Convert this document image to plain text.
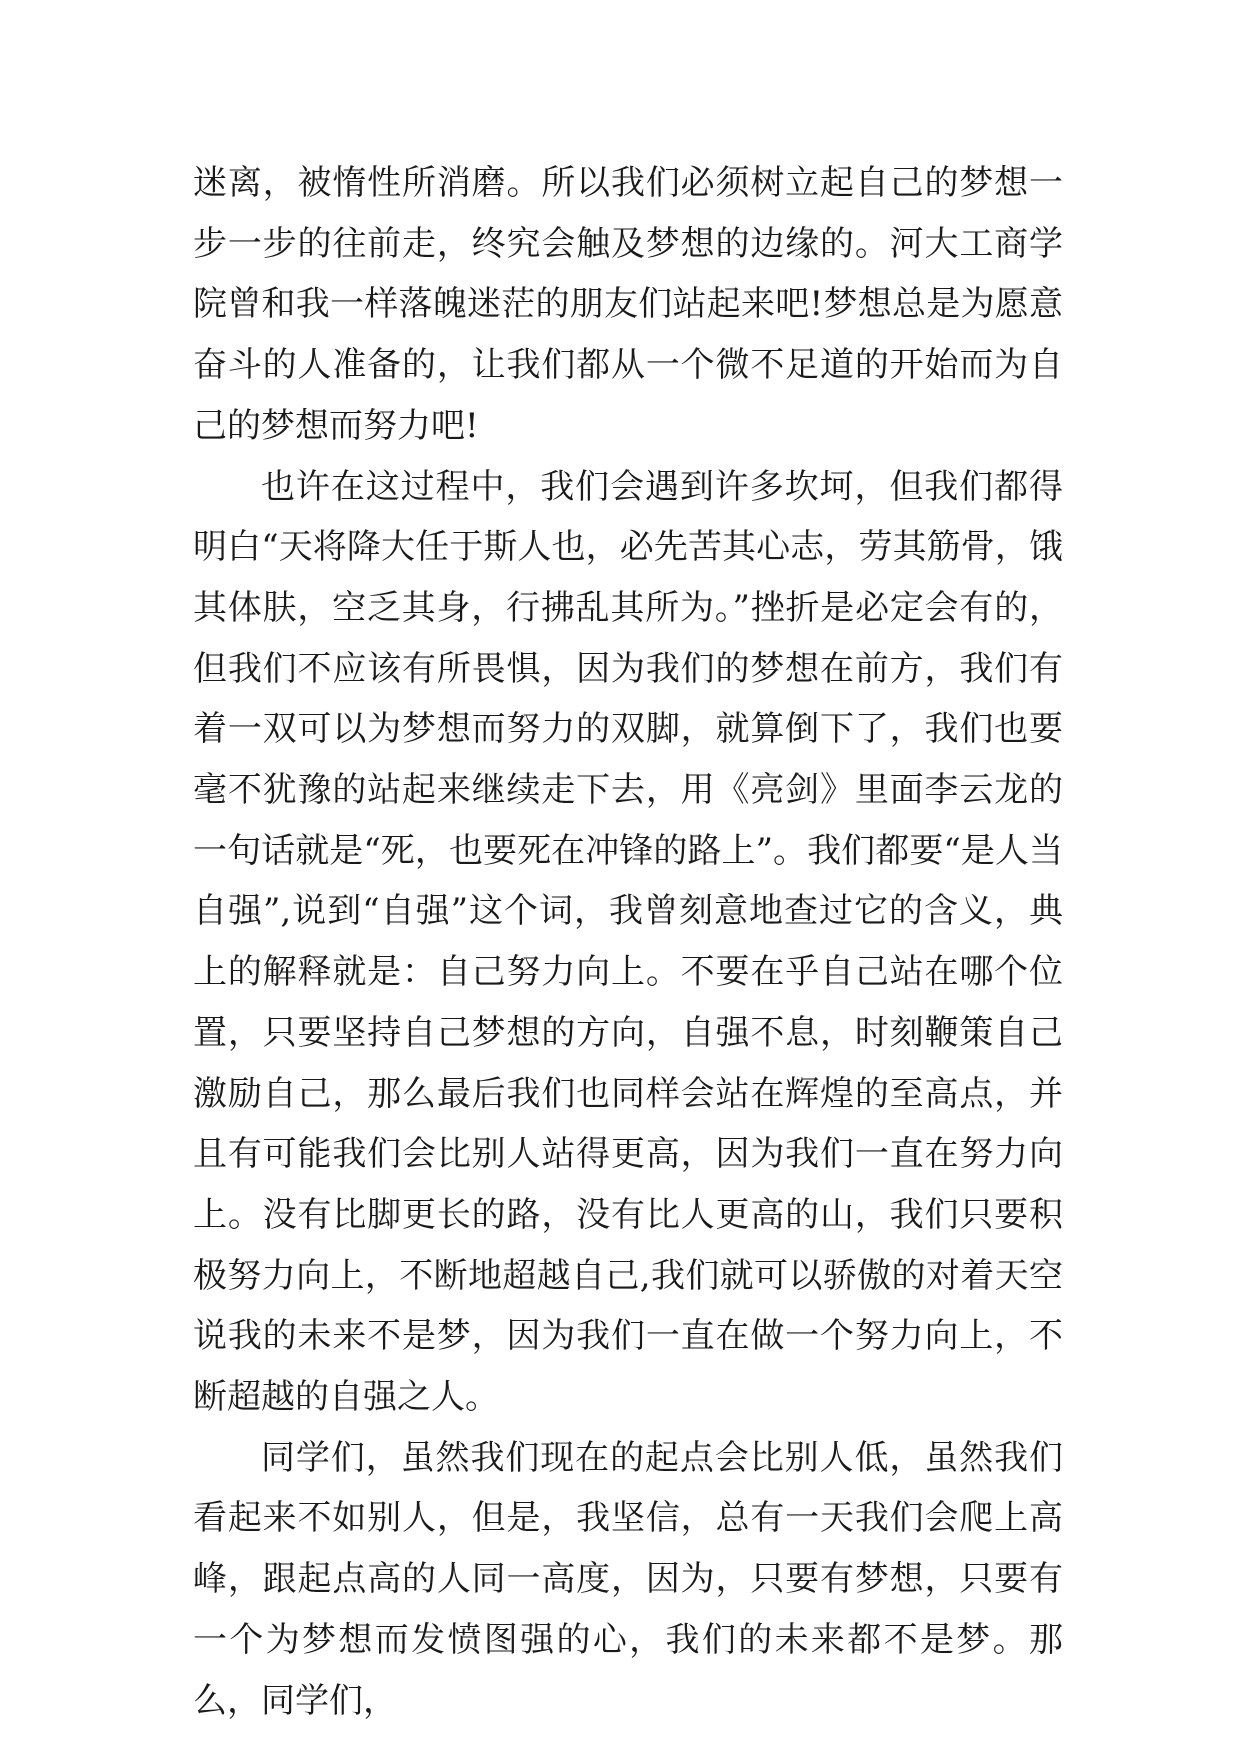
迷离，被惰性所消磨。所以我们必须树立起自己的梦想一步一步的往前走，终究会触及梦想的边缘的。河大工商学院曾和我一样落魄迷茫的朋友们站起来吧!梦想总是为愿意奋斗的人准备的，让我们都从一个微不足道的开始而为自己的梦想而努力吧!

也许在这过程中，我们会遇到许多坎坷，但我们都得明白“天将降大任于斯人也，必先苦其心志，劳其筋骨，饿其体肤，空乏其身，行拂乱其所为。”挫折是必定会有的，但我们不应该有所畏惧，因为我们的梦想在前方，我们有着一双可以为梦想而努力的双脚，就算倒下了，我们也要毫不犹豫的站起来继续走下去，用《亮剑》里面李云龙的一句话就是“死，也要死在冲锋的路上”。我们都要“是人当自强”,说到“自强”这个词，我曾刻意地查过它的含义，典上的解释就是：自己努力向上。不要在乎自己站在哪个位置，只要坚持自己梦想的方向，自强不息，时刻鞭策自己激励自己，那么最后我们也同样会站在辉煌的至高点，并且有可能我们会比别人站得更高，因为我们一直在努力向上。没有比脚更长的路，没有比人更高的山，我们只要积极努力向上，不断地超越自己,我们就可以骄傲的对着天空说我的未来不是梦，因为我们一直在做一个努力向上，不断超越的自强之人。

同学们，虽然我们现在的起点会比别人低，虽然我们看起来不如别人，但是，我坚信，总有一天我们会爬上高峰，跟起点高的人同一高度，因为，只要有梦想，只要有一个为梦想而发愤图强的心，我们的未来都不是梦。那么，同学们，
